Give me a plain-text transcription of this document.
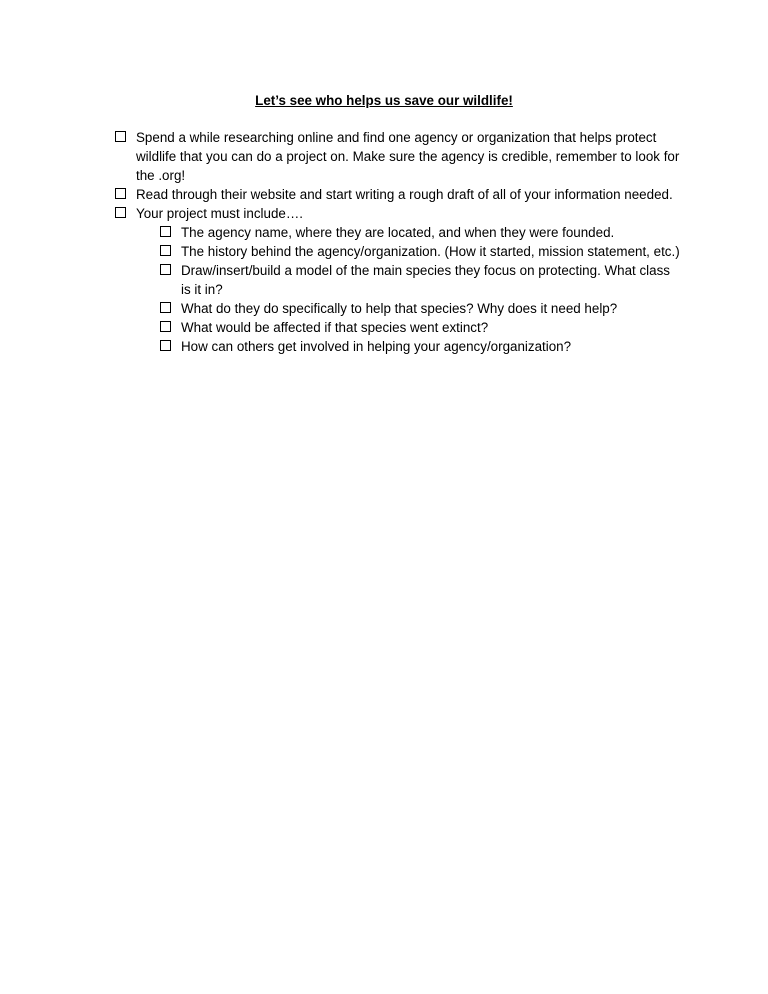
Let’s see who helps us save our wildlife!
Spend a while researching online and find one agency or organization that helps protect wildlife that you can do a project on. Make sure the agency is credible, remember to look for the .org!
Read through their website and start writing a rough draft of all of your information needed.
Your project must include….
The agency name, where they are located, and when they were founded.
The history behind the agency/organization. (How it started, mission statement, etc.)
Draw/insert/build a model of the main species they focus on protecting. What class is it in?
What do they do specifically to help that species? Why does it need help?
What would be affected if that species went extinct?
How can others get involved in helping your agency/organization?
